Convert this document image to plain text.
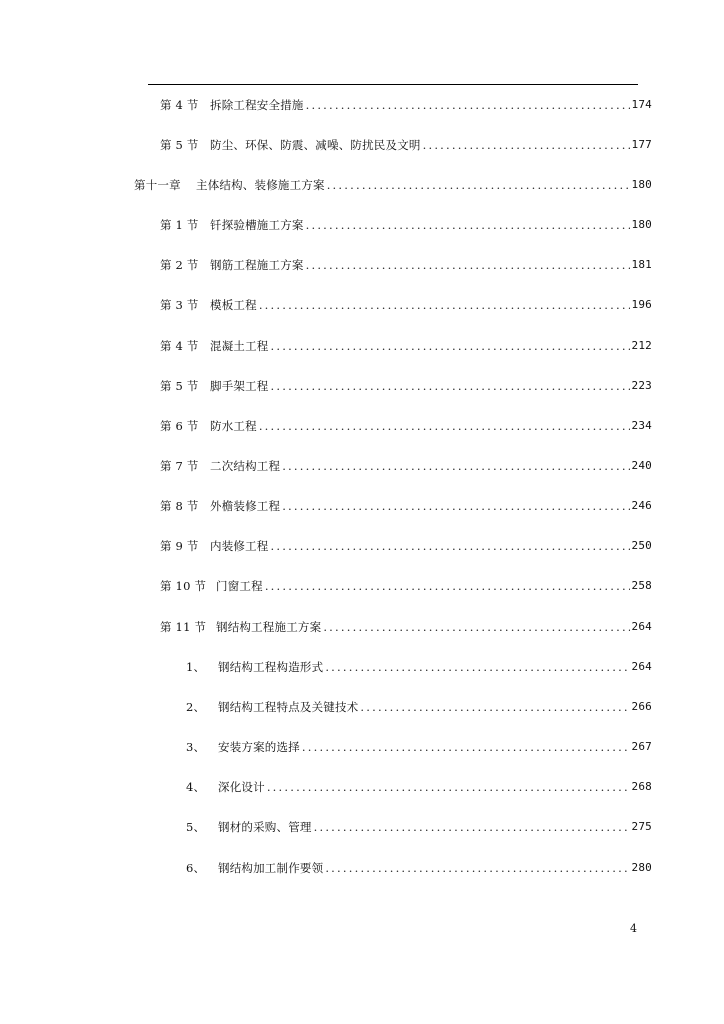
第 4 节 拆除工程安全措施 .....	174
第 5 节 防尘、环保、防震、减噪、防扰民及文明 .....	177
第十一章	主体结构、装修施工方案 .....	180
第 1 节 钎探验槽施工方案 .....	180
第 2 节 钢筋工程施工方案 .....	181
第 3 节 模板工程 .....	196
第 4 节 混凝土工程 .....	212
第 5 节 脚手架工程 .....	223
第 6 节 防水工程 .....	234
第 7 节 二次结构工程 .....	240
第 8 节 外檐装修工程 .....	246
第 9 节 内装修工程 .....	250
第 10 节 门窗工程 .....	258
第 11 节 钢结构工程施工方案 .....	264
1、	钢结构工程构造形式 .....	264
2、	钢结构工程特点及关键技术 .....	266
3、	安装方案的选择 .....	267
4、	深化设计 .....	268
5、	钢材的采购、管理 .....	275
6、	钢结构加工制作要领 .....	280
4
